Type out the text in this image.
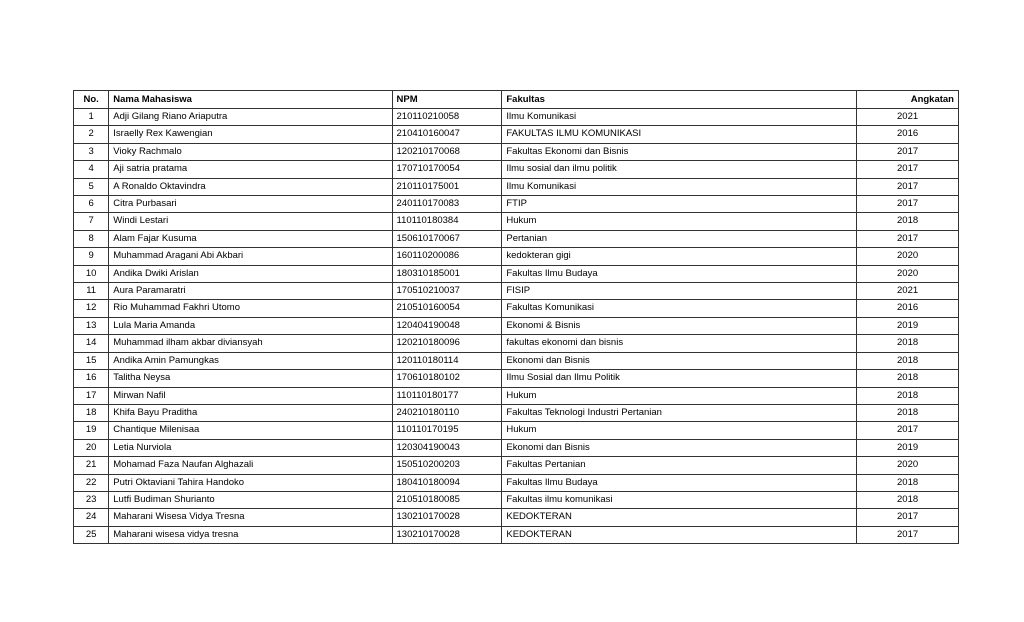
No.	Nama Mahasiswa	NPM	Fakultas	Angkatan
1	Adji Gilang Riano Ariaputra	210110210058	Ilmu Komunikasi	2021
2	Israelly Rex Kawengian	210410160047	FAKULTAS ILMU KOMUNIKASI	2016
3	Vioky Rachmalo	120210170068	Fakultas Ekonomi dan Bisnis	2017
4	Aji satria pratama	170710170054	Ilmu sosial dan ilmu politik	2017
5	A Ronaldo Oktavindra	210110175001	Ilmu Komunikasi	2017
6	Citra Purbasari	240110170083	FTIP	2017
7	Windi Lestari	110110180384	Hukum	2018
8	Alam Fajar Kusuma	150610170067	Pertanian	2017
9	Muhammad Aragani Abi Akbari	160110200086	kedokteran gigi	2020
10	Andika Dwiki Arislan	180310185001	Fakultas Ilmu Budaya	2020
11	Aura Paramaratri	170510210037	FISIP	2021
12	Rio Muhammad Fakhri Utomo	210510160054	Fakultas Komunikasi	2016
13	Lula Maria Amanda	120404190048	Ekonomi & Bisnis	2019
14	Muhammad ilham akbar diviansyah	120210180096	fakultas ekonomi dan bisnis	2018
15	Andika Amin Pamungkas	120110180114	Ekonomi dan Bisnis	2018
16	Talitha Neysa	170610180102	Ilmu Sosial dan Ilmu Politik	2018
17	Mirwan Nafil	110110180177	Hukum	2018
18	Khifa Bayu Praditha	240210180110	Fakultas Teknologi Industri Pertanian	2018
19	Chantique Milenisaa	110110170195	Hukum	2017
20	Letia Nurviola	120304190043	Ekonomi dan Bisnis	2019
21	Mohamad Faza Naufan Alghazali	150510200203	Fakultas Pertanian	2020
22	Putri Oktaviani Tahira Handoko	180410180094	Fakultas Ilmu Budaya	2018
23	Lutfi Budiman Shurianto	210510180085	Fakultas ilmu komunikasi	2018
24	Maharani Wisesa Vidya Tresna	130210170028	KEDOKTERAN	2017
25	Maharani wisesa vidya tresna	130210170028	KEDOKTERAN	2017
